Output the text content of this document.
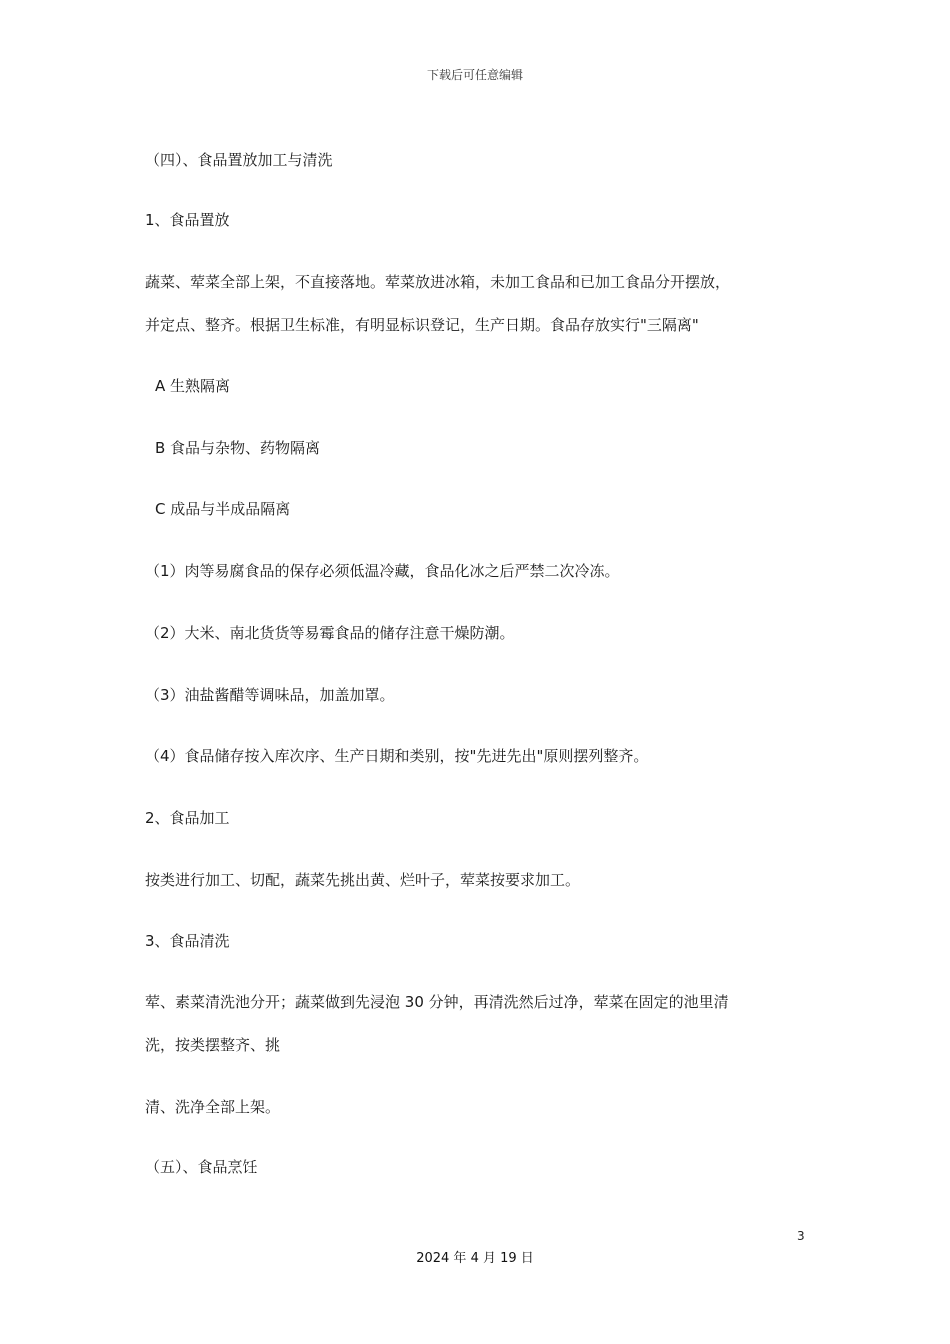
下载后可任意编辑
（四）、食品置放加工与清洗
1、食品置放
蔬菜、荤菜全部上架，不直接落地。荤菜放进冰箱，未加工食品和已加工食品分开摆放，
并定点、整齐。根据卫生标准，有明显标识登记，生产日期。食品存放实行"三隔离"
A 生熟隔离
B 食品与杂物、药物隔离
C 成品与半成品隔离
（1）肉等易腐食品的保存必须低温冷藏，食品化冰之后严禁二次冷冻。
（2）大米、南北货货等易霉食品的储存注意干燥防潮。
（3）油盐酱醋等调味品，加盖加罩。
（4）食品储存按入库次序、生产日期和类别，按"先进先出"原则摆列整齐。
2、食品加工
按类进行加工、切配，蔬菜先挑出黄、烂叶子，荤菜按要求加工。
3、食品清洗
荤、素菜清洗池分开；蔬菜做到先浸泡 30 分钟，再清洗然后过净，荤菜在固定的池里清
洗，按类摆整齐、挑
清、洗净全部上架。
（五）、食品烹饪
3
2024 年 4 月 19 日
